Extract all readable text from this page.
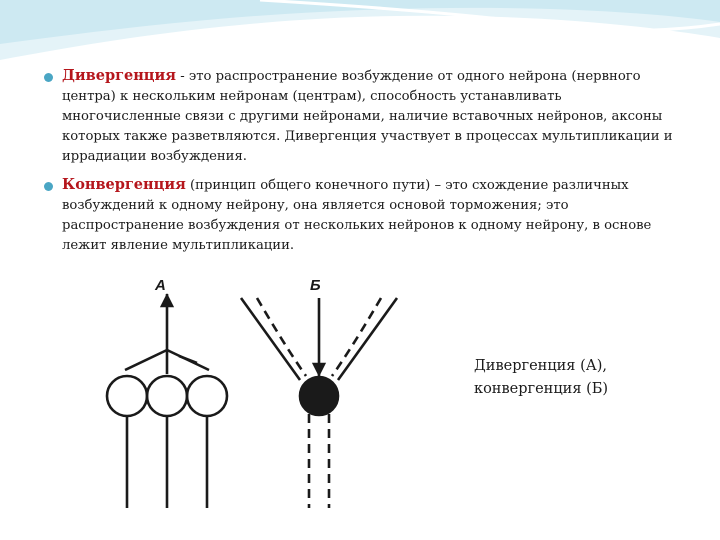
Дивергенция - это распространение возбуждение от одного нейрона (нервного центра) к нескольким нейронам (центрам), способность устанавливать многочисленные связи с другими нейронами, наличие вставочных нейронов, аксоны которых также разветвляются. Дивергенция участвует в процессах мультипликации и иррадиации возбуждения.
Конвергенция (принцип общего конечного пути) – это схождение различных возбуждений к одному нейрону, она является основой торможения; это распространение возбуждения от нескольких нейронов к одному нейрону, в основе лежит явление мультипликации.
А	Б
Дивергенция (А),
конвергенция (Б)
